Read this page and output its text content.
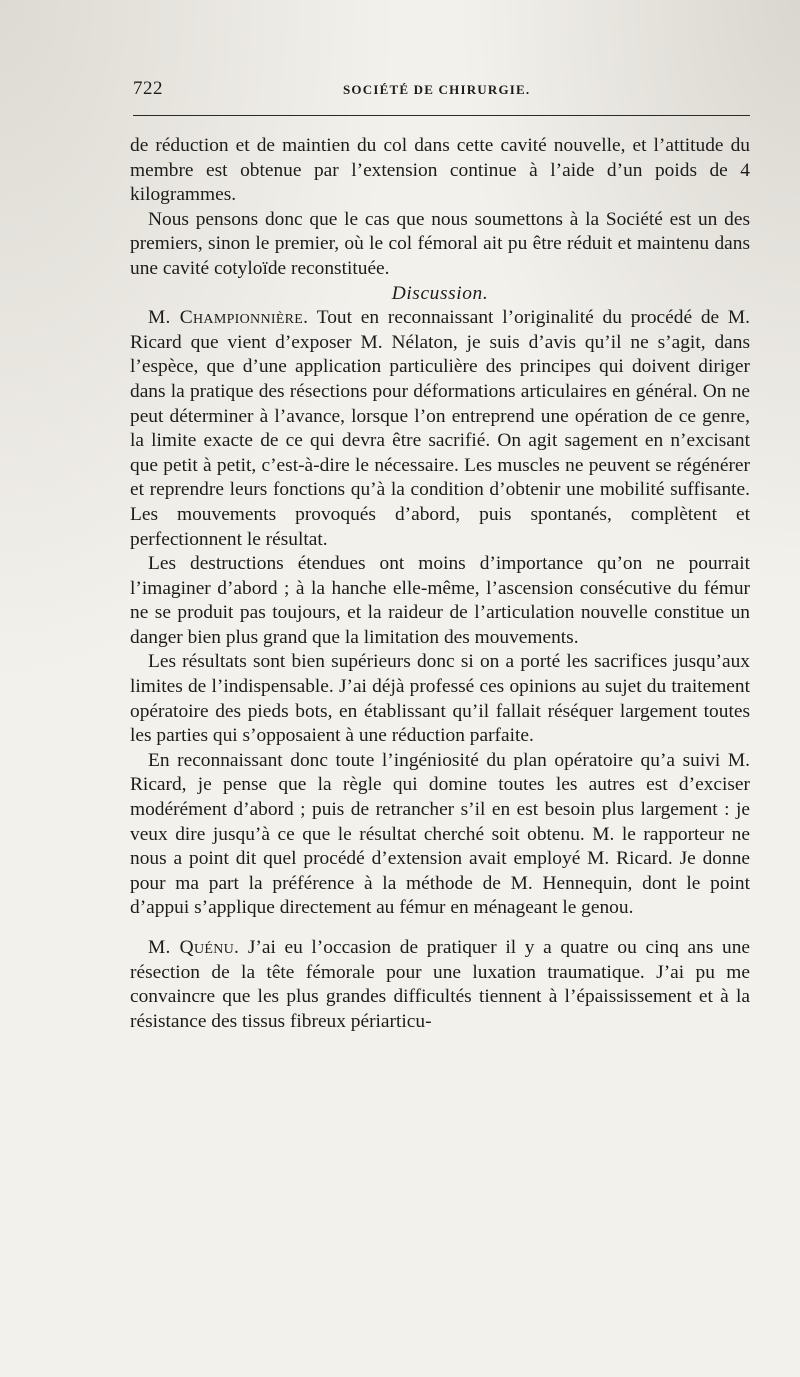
722	SOCIÉTÉ DE CHIRURGIE.

de réduction et de maintien du col dans cette cavité nouvelle, et l’attitude du membre est obtenue par l’extension continue à l’aide d’un poids de 4 kilogrammes.

Nous pensons donc que le cas que nous soumettons à la Société est un des premiers, sinon le premier, où le col fémoral ait pu être réduit et maintenu dans une cavité cotyloïde reconstituée.

Discussion.

M. Championnière. Tout en reconnaissant l’originalité du procédé de M. Ricard que vient d’exposer M. Nélaton, je suis d’avis qu’il ne s’agit, dans l’espèce, que d’une application particulière des principes qui doivent diriger dans la pratique des résections pour déformations articulaires en général. On ne peut déterminer à l’avance, lorsque l’on entreprend une opération de ce genre, la limite exacte de ce qui devra être sacrifié. On agit sagement en n’excisant que petit à petit, c’est-à-dire le nécessaire. Les muscles ne peuvent se régénérer et reprendre leurs fonctions qu’à la condition d’obtenir une mobilité suffisante. Les mouvements provoqués d’abord, puis spontanés, complètent et perfectionnent le résultat.

Les destructions étendues ont moins d’importance qu’on ne pourrait l’imaginer d’abord ; à la hanche elle-même, l’ascension consécutive du fémur ne se produit pas toujours, et la raideur de l’articulation nouvelle constitue un danger bien plus grand que la limitation des mouvements.

Les résultats sont bien supérieurs donc si on a porté les sacrifices jusqu’aux limites de l’indispensable. J’ai déjà professé ces opinions au sujet du traitement opératoire des pieds bots, en établissant qu’il fallait réséquer largement toutes les parties qui s’opposaient à une réduction parfaite.

En reconnaissant donc toute l’ingéniosité du plan opératoire qu’a suivi M. Ricard, je pense que la règle qui domine toutes les autres est d’exciser modérément d’abord ; puis de retrancher s’il en est besoin plus largement : je veux dire jusqu’à ce que le résultat cherché soit obtenu. M. le rapporteur ne nous a point dit quel procédé d’extension avait employé M. Ricard. Je donne pour ma part la préférence à la méthode de M. Hennequin, dont le point d’appui s’applique directement au fémur en ménageant le genou.

M. Quénu. J’ai eu l’occasion de pratiquer il y a quatre ou cinq ans une résection de la tête fémorale pour une luxation traumatique. J’ai pu me convaincre que les plus grandes difficultés tiennent à l’épaississement et à la résistance des tissus fibreux périarticu-
